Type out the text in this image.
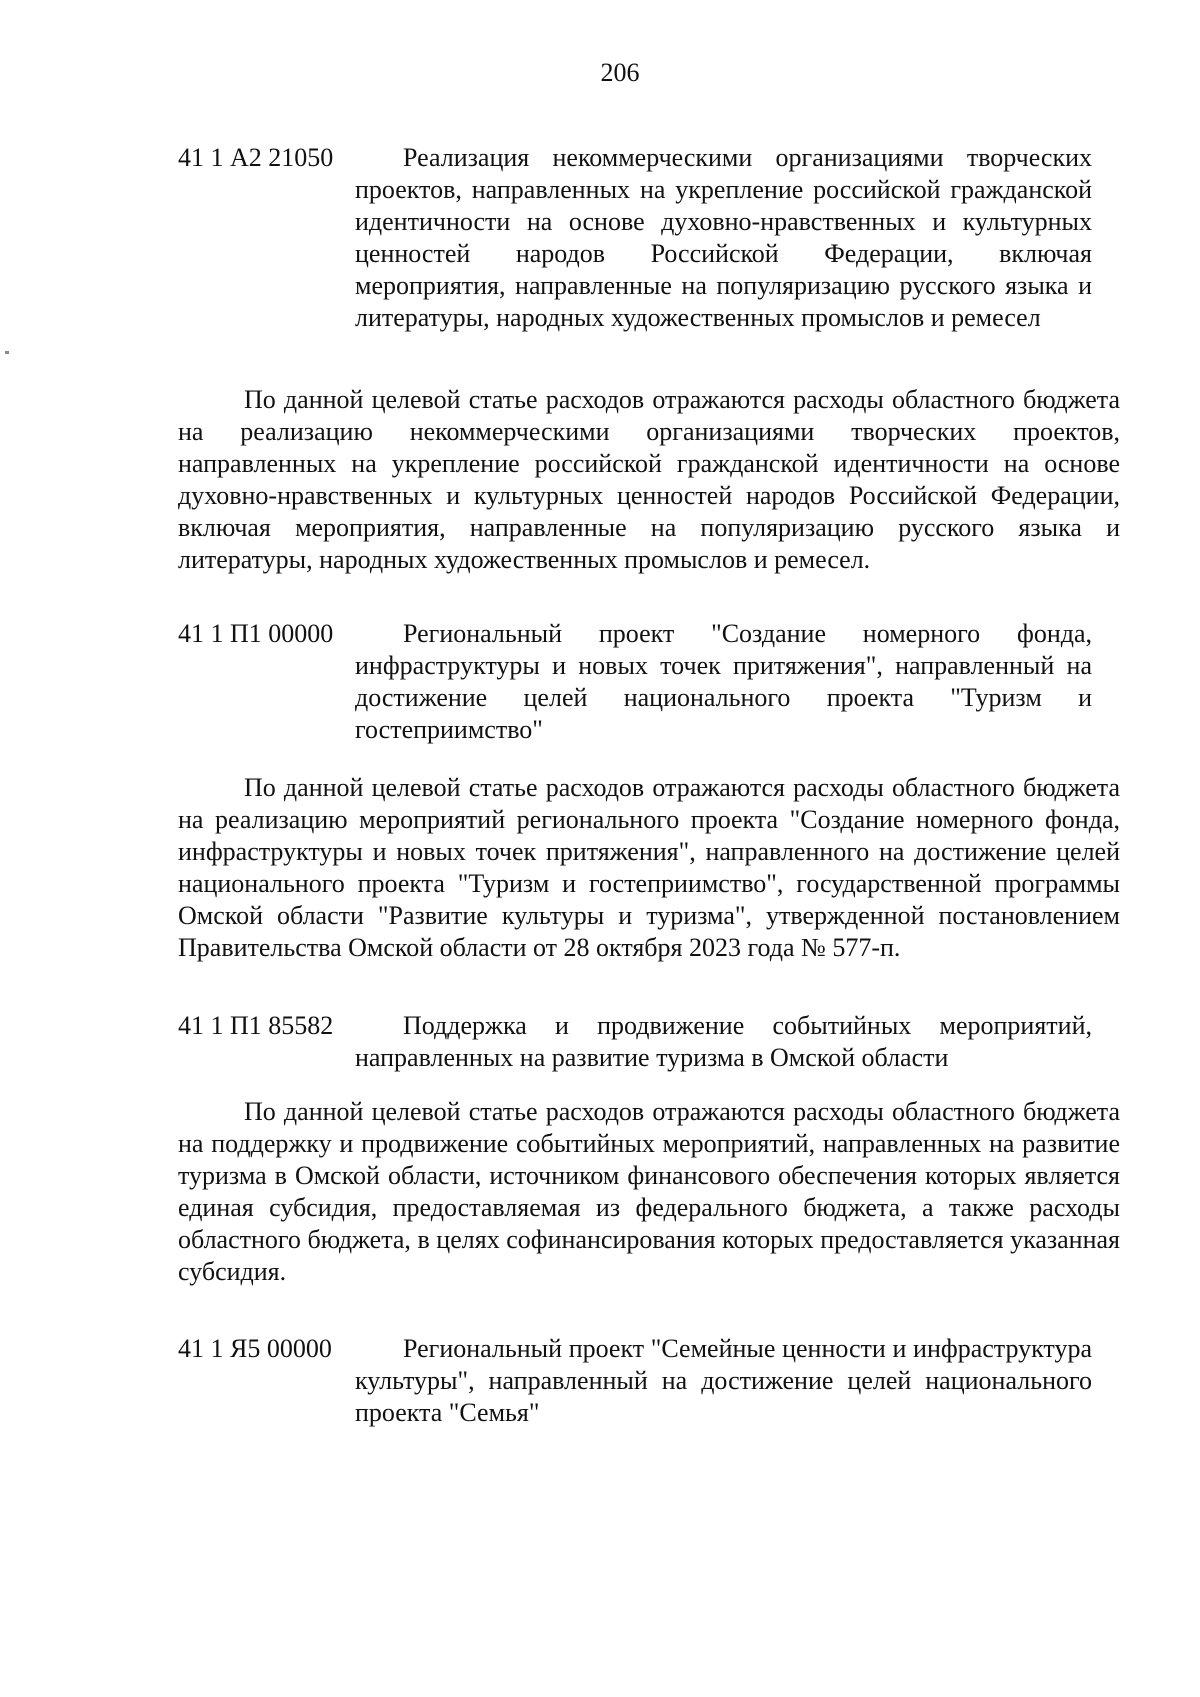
206
41 1 А2 21050	Реализация некоммерческими организациями творческих проектов, направленных на укрепление российской гражданской идентичности на основе духовно-нравственных и культурных ценностей народов Российской Федерации, включая мероприятия, направленные на популяризацию русского языка и литературы, народных художественных промыслов и ремесел
По данной целевой статье расходов отражаются расходы областного бюджета на реализацию некоммерческими организациями творческих проектов, направленных на укрепление российской гражданской идентичности на основе духовно-нравственных и культурных ценностей народов Российской Федерации, включая мероприятия, направленные на популяризацию русского языка и литературы, народных художественных промыслов и ремесел.
41 1 П1 00000	Региональный проект "Создание номерного фонда, инфраструктуры и новых точек притяжения", направленный на достижение целей национального проекта "Туризм и гостеприимство"
По данной целевой статье расходов отражаются расходы областного бюджета на реализацию мероприятий регионального проекта "Создание номерного фонда, инфраструктуры и новых точек притяжения", направленного на достижение целей национального проекта "Туризм и гостеприимство", государственной программы Омской области "Развитие культуры и туризма", утвержденной постановлением Правительства Омской области от 28 октября 2023 года № 577-п.
41 1 П1 85582	Поддержка и продвижение событийных мероприятий, направленных на развитие туризма в Омской области
По данной целевой статье расходов отражаются расходы областного бюджета на поддержку и продвижение событийных мероприятий, направленных на развитие туризма в Омской области, источником финансового обеспечения которых является единая субсидия, предоставляемая из федерального бюджета, а также расходы областного бюджета, в целях софинансирования которых предоставляется указанная субсидия.
41 1 Я5 00000	Региональный проект "Семейные ценности и инфраструктура культуры", направленный на достижение целей национального проекта "Семья"
